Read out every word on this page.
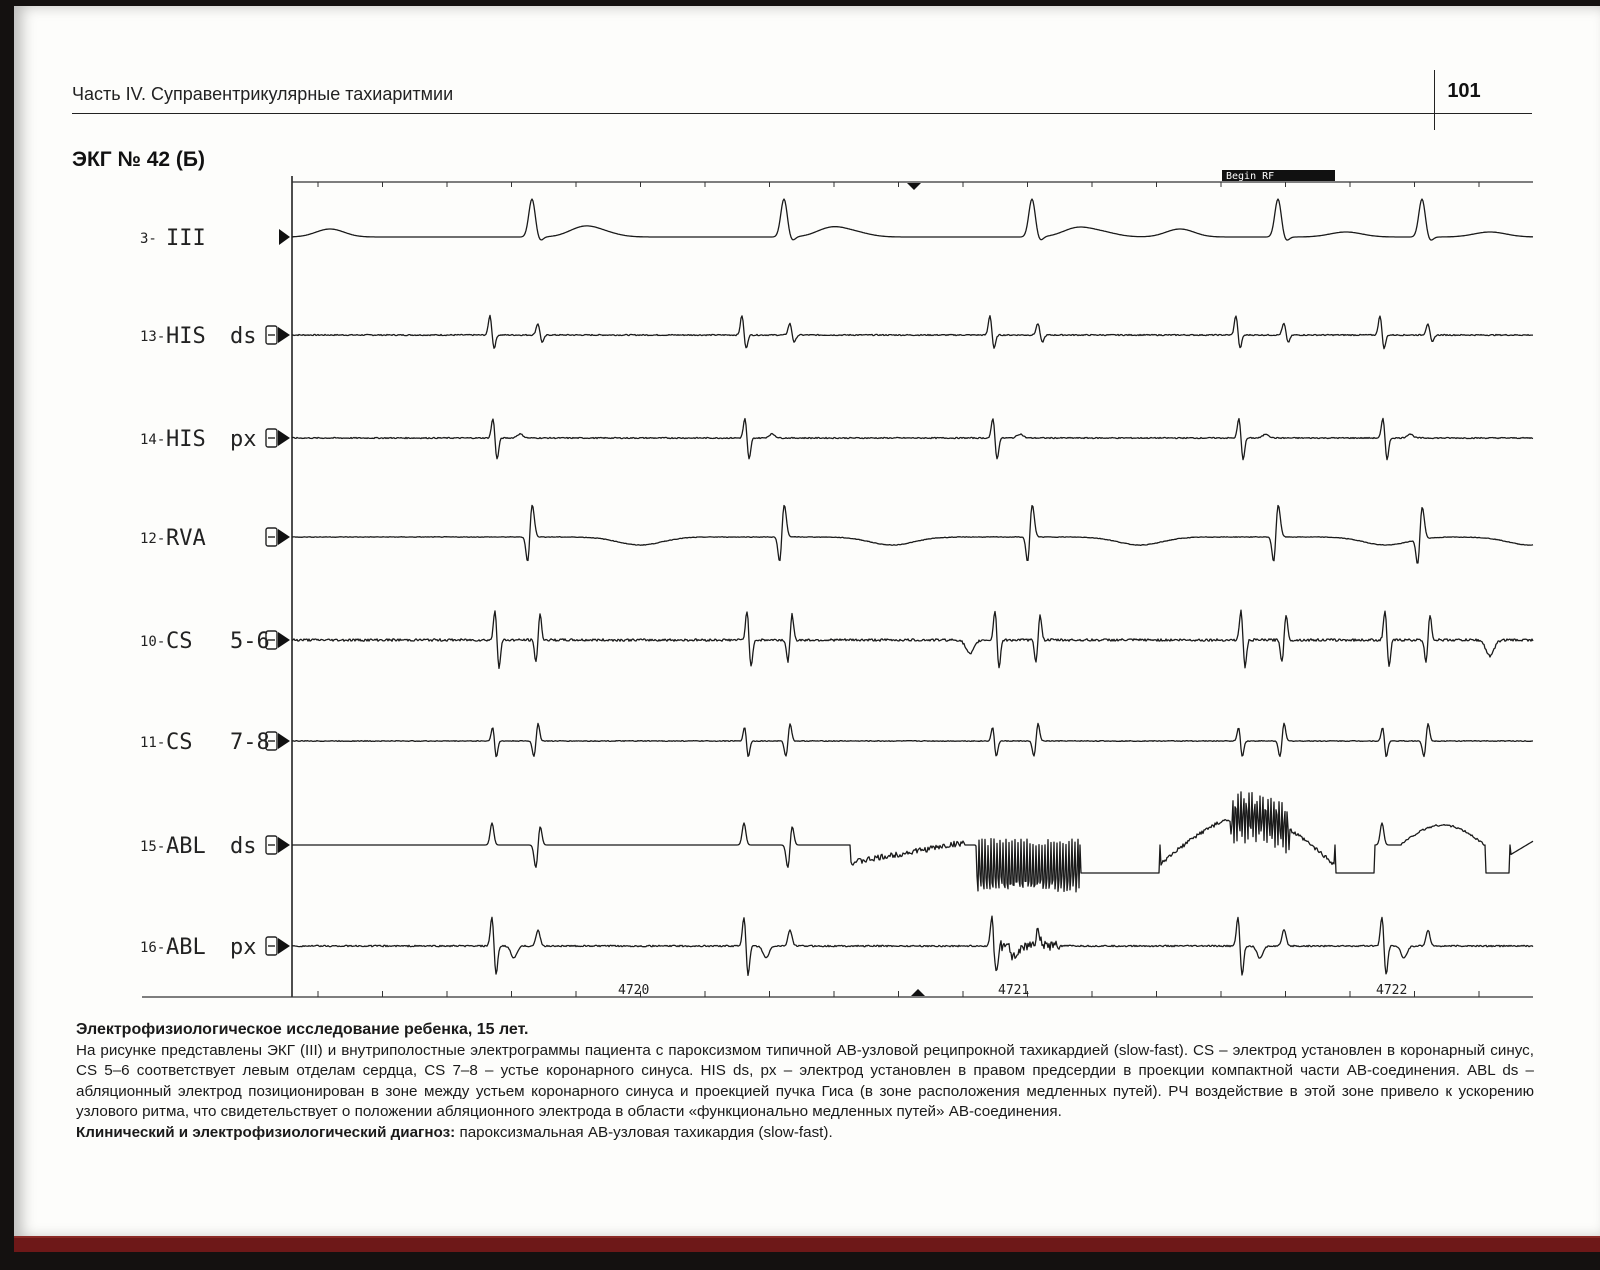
Часть IV. Суправентрикулярные тахиаритмии	101
ЭКГ № 42 (Б)
Begin RF
3- III
13- HIS ds
14- HIS px
12- RVA
10- CS 5-6
11- CS 7-8
15- ABL ds
16- ABL px
4720	4721	4722

Электрофизиологическое исследование ребенка, 15 лет.

На рисунке представлены ЭКГ (III) и внутриполостные электрограммы пациента с пароксизмом типичной АВ-узловой реципрокной тахикардией (slow-fast). CS – электрод установлен в коронарный синус, CS 5–6 соответствует левым отделам сердца, CS 7–8 – устье коронарного синуса. HIS ds, px – электрод установлен в правом предсердии в проекции компактной части АВ-соединения. ABL ds – абляционный электрод позиционирован в зоне между устьем коронарного синуса и проекцией пучка Гиса (в зоне расположения медленных путей). РЧ воздействие в этой зоне привело к ускорению узлового ритма, что свидетельствует о положении абляционного электрода в области «функционально медленных путей» АВ-соединения.

Клинический и электрофизиологический диагноз: пароксизмальная АВ-узловая тахикардия (slow-fast).
